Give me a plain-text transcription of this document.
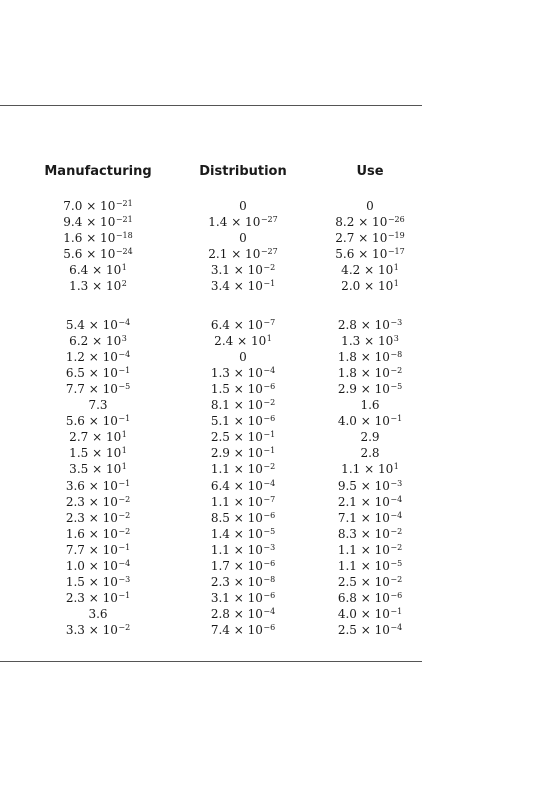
Manufacturing	Distribution	Use
$7.0 \times 10^{-21}$	0	0
$9.4 \times 10^{-21}$	$1.4 \times 10^{-27}$	$8.2 \times 10^{-26}$
$1.6 \times 10^{-18}$	0	$2.7 \times 10^{-19}$
$5.6 \times 10^{-24}$	$2.1 \times 10^{-27}$	$5.6 \times 10^{-17}$
$6.4 \times 10^1$	$3.1 \times 10^{-2}$	$4.2 \times 10^1$
$1.3 \times 10^2$	$3.4 \times 10^{-1}$	$2.0 \times 10^1$
$5.4 \times 10^{-4}$	$6.4 \times 10^{-7}$	$2.8 \times 10^{-3}$
$6.2 \times 10^3$	$2.4 \times 10^1$	$1.3 \times 10^3$
$1.2 \times 10^{-4}$	0	$1.8 \times 10^{-8}$
$6.5 \times 10^{-1}$	$1.3 \times 10^{-4}$	$1.8 \times 10^{-2}$
$7.7 \times 10^{-5}$	$1.5 \times 10^{-6}$	$2.9 \times 10^{-5}$
7.3	$8.1 \times 10^{-2}$	1.6
$5.6 \times 10^{-1}$	$5.1 \times 10^{-6}$	$4.0 \times 10^{-1}$
$2.7 \times 10^1$	$2.5 \times 10^{-1}$	2.9
$1.5 \times 10^1$	$2.9 \times 10^{-1}$	2.8
$3.5 \times 10^1$	$1.1 \times 10^{-2}$	$1.1 \times 10^1$
$3.6 \times 10^{-1}$	$6.4 \times 10^{-4}$	$9.5 \times 10^{-3}$
$2.3 \times 10^{-2}$	$1.1 \times 10^{-7}$	$2.1 \times 10^{-4}$
$2.3 \times 10^{-2}$	$8.5 \times 10^{-6}$	$7.1 \times 10^{-4}$
$1.6 \times 10^{-2}$	$1.4 \times 10^{-5}$	$8.3 \times 10^{-2}$
$7.7 \times 10^{-1}$	$1.1 \times 10^{-3}$	$1.1 \times 10^{-2}$
$1.0 \times 10^{-4}$	$1.7 \times 10^{-6}$	$1.1 \times 10^{-5}$
$1.5 \times 10^{-3}$	$2.3 \times 10^{-8}$	$2.5 \times 10^{-2}$
$2.3 \times 10^{-1}$	$3.1 \times 10^{-6}$	$6.8 \times 10^{-6}$
3.6	$2.8 \times 10^{-4}$	$4.0 \times 10^{-1}$
$3.3 \times 10^{-2}$	$7.4 \times 10^{-6}$	$2.5 \times 10^{-4}$
